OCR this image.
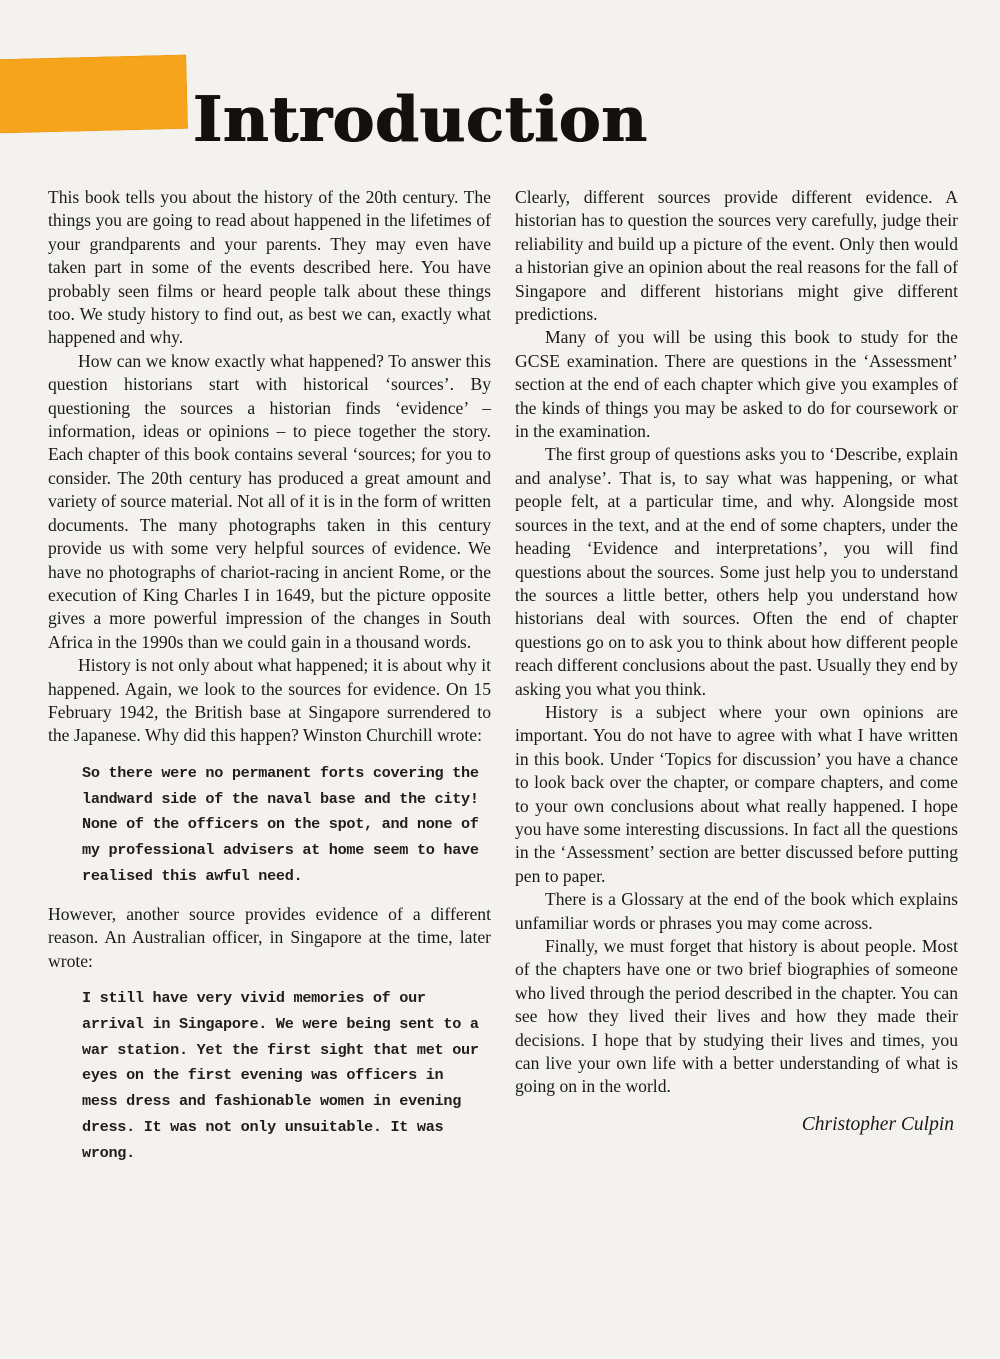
Introduction

This book tells you about the history of the 20th century. The things you are going to read about happened in the lifetimes of your grandparents and your parents. They may even have taken part in some of the events described here. You have probably seen films or heard people talk about these things too. We study history to find out, as best we can, exactly what happened and why.

How can we know exactly what happened? To answer this question historians start with historical ‘sources’. By questioning the sources a historian finds ‘evidence’ – information, ideas or opinions – to piece together the story. Each chapter of this book contains several ‘sources; for you to consider. The 20th century has produced a great amount and variety of source material. Not all of it is in the form of written documents. The many photographs taken in this century provide us with some very helpful sources of evidence. We have no photographs of chariot-racing in ancient Rome, or the execution of King Charles I in 1649, but the picture opposite gives a more powerful impression of the changes in South Africa in the 1990s than we could gain in a thousand words.

History is not only about what happened; it is about why it happened. Again, we look to the sources for evidence. On 15 February 1942, the British base at Singapore surrendered to the Japanese. Why did this happen? Winston Churchill wrote:

So there were no permanent forts covering the landward side of the naval base and the city! None of the officers on the spot, and none of my professional advisers at home seem to have realised this awful need.

However, another source provides evidence of a different reason. An Australian officer, in Singapore at the time, later wrote:

I still have very vivid memories of our arrival in Singapore. We were being sent to a war station. Yet the first sight that met our eyes on the first evening was officers in mess dress and fashionable women in evening dress. It was not only unsuitable. It was wrong.

Clearly, different sources provide different evidence. A historian has to question the sources very carefully, judge their reliability and build up a picture of the event. Only then would a historian give an opinion about the real reasons for the fall of Singapore and different historians might give different predictions.

Many of you will be using this book to study for the GCSE examination. There are questions in the ‘Assessment’ section at the end of each chapter which give you examples of the kinds of things you may be asked to do for coursework or in the examination.

The first group of questions asks you to ‘Describe, explain and analyse’. That is, to say what was happening, or what people felt, at a particular time, and why. Alongside most sources in the text, and at the end of some chapters, under the heading ‘Evidence and interpretations’, you will find questions about the sources. Some just help you to understand the sources a little better, others help you understand how historians deal with sources. Often the end of chapter questions go on to ask you to think about how different people reach different conclusions about the past. Usually they end by asking you what you think.

History is a subject where your own opinions are important. You do not have to agree with what I have written in this book. Under ‘Topics for discussion’ you have a chance to look back over the chapter, or compare chapters, and come to your own conclusions about what really happened. I hope you have some interesting discussions. In fact all the questions in the ‘Assessment’ section are better discussed before putting pen to paper.

There is a Glossary at the end of the book which explains unfamiliar words or phrases you may come across.

Finally, we must forget that history is about people. Most of the chapters have one or two brief biographies of someone who lived through the period described in the chapter. You can see how they lived their lives and how they made their decisions. I hope that by studying their lives and times, you can live your own life with a better understanding of what is going on in the world.

Christopher Culpin
